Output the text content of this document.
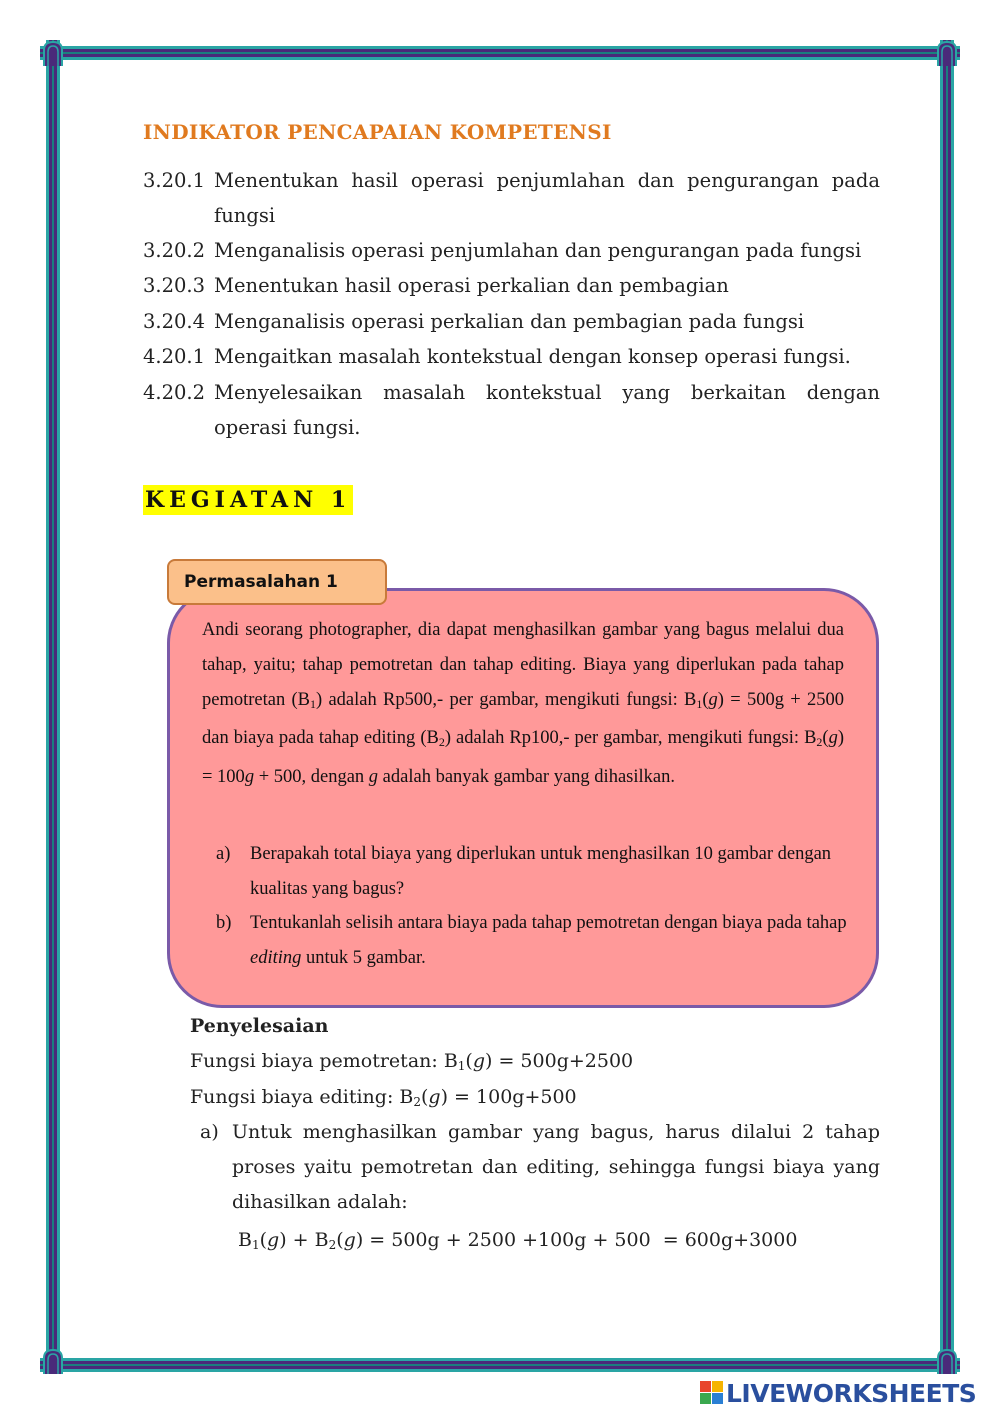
INDIKATOR PENCAPAIAN KOMPETENSI
3.20.1 Menentukan hasil operasi penjumlahan dan pengurangan pada fungsi
3.20.2 Menganalisis operasi penjumlahan dan pengurangan pada fungsi
3.20.3 Menentukan hasil operasi perkalian dan pembagian
3.20.4 Menganalisis operasi perkalian dan pembagian pada fungsi
4.20.1 Mengaitkan masalah kontekstual dengan konsep operasi fungsi.
4.20.2 Menyelesaikan masalah kontekstual yang berkaitan dengan operasi fungsi.
KEGIATAN 1
Permasalahan 1
Andi seorang photographer, dia dapat menghasilkan gambar yang bagus melalui dua tahap, yaitu; tahap pemotretan dan tahap editing. Biaya yang diperlukan pada tahap pemotretan $(B_1)$ adalah Rp500,- per gambar, mengikuti fungsi: $B_1(g) = 500g + 2500$ dan biaya pada tahap editing $(B_2)$ adalah Rp100,- per gambar, mengikuti fungsi: $B_2(g) = 100g + 500$, dengan g adalah banyak gambar yang dihasilkan.
a) Berapakah total biaya yang diperlukan untuk menghasilkan 10 gambar dengan kualitas yang bagus?
b) Tentukanlah selisih antara biaya pada tahap pemotretan dengan biaya pada tahap editing untuk 5 gambar.
Penyelesaian
Fungsi biaya pemotretan: $B_1(g) = 500g+2500$
Fungsi biaya editing: $B_2(g) = 100g+500$
a) Untuk menghasilkan gambar yang bagus, harus dilalui 2 tahap proses yaitu pemotretan dan editing, sehingga fungsi biaya yang dihasilkan adalah:
$B_1(g) + B_2(g) = 500g + 2500 +100g + 500 = 600g+3000$
LIVEWORKSHEETS
